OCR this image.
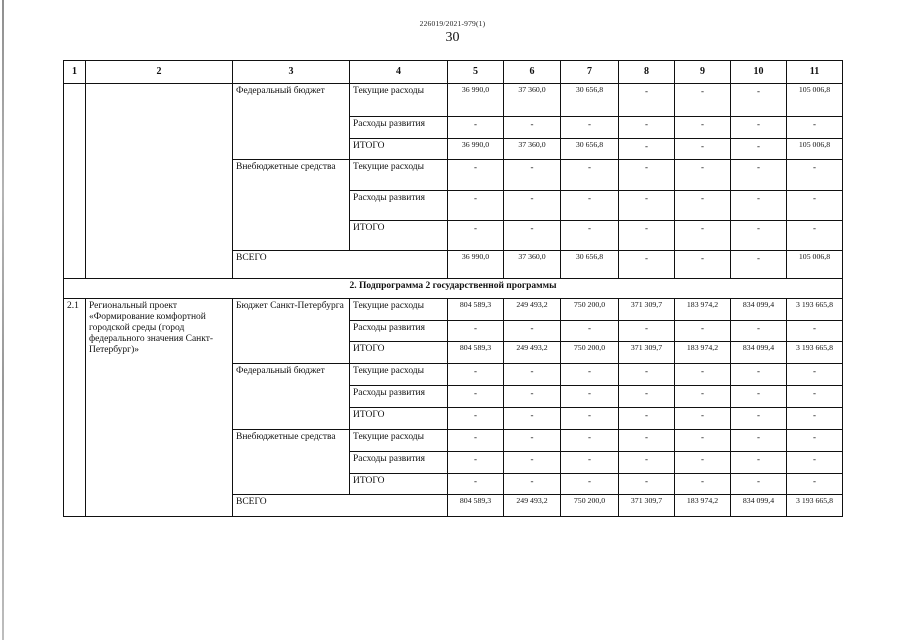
226019/2021-979(1)
30
1	2	3	4	5	6	7	8	9	10	11
		Федеральный бюджет	Текущие расходы	36 990,0	37 360,0	30 656,8	-	-	-	105 006,8
			Расходы развития	-	-	-	-	-	-	-
			ИТОГО	36 990,0	37 360,0	30 656,8	-	-	-	105 006,8
		Внебюджетные средства	Текущие расходы	-	-	-	-	-	-	-
			Расходы развития	-	-	-	-	-	-	-
			ИТОГО	-	-	-	-	-	-	-
		ВСЕГО		36 990,0	37 360,0	30 656,8	-	-	-	105 006,8
2. Подпрограмма 2 государственной программы										
2.1	Региональный проект «Формирование комфортной городской среды (город федерального значения Санкт-Петербург)»	Бюджет Санкт-Петербурга	Текущие расходы	804 589,3	249 493,2	750 200,0	371 309,7	183 974,2	834 099,4	3 193 665,8
			Расходы развития	-	-	-	-	-	-	-
			ИТОГО	804 589,3	249 493,2	750 200,0	371 309,7	183 974,2	834 099,4	3 193 665,8
		Федеральный бюджет	Текущие расходы	-	-	-	-	-	-	-
			Расходы развития	-	-	-	-	-	-	-
			ИТОГО	-	-	-	-	-	-	-
		Внебюджетные средства	Текущие расходы	-	-	-	-	-	-	-
			Расходы развития	-	-	-	-	-	-	-
			ИТОГО	-	-	-	-	-	-	-
		ВСЕГО		804 589,3	249 493,2	750 200,0	371 309,7	183 974,2	834 099,4	3 193 665,8
